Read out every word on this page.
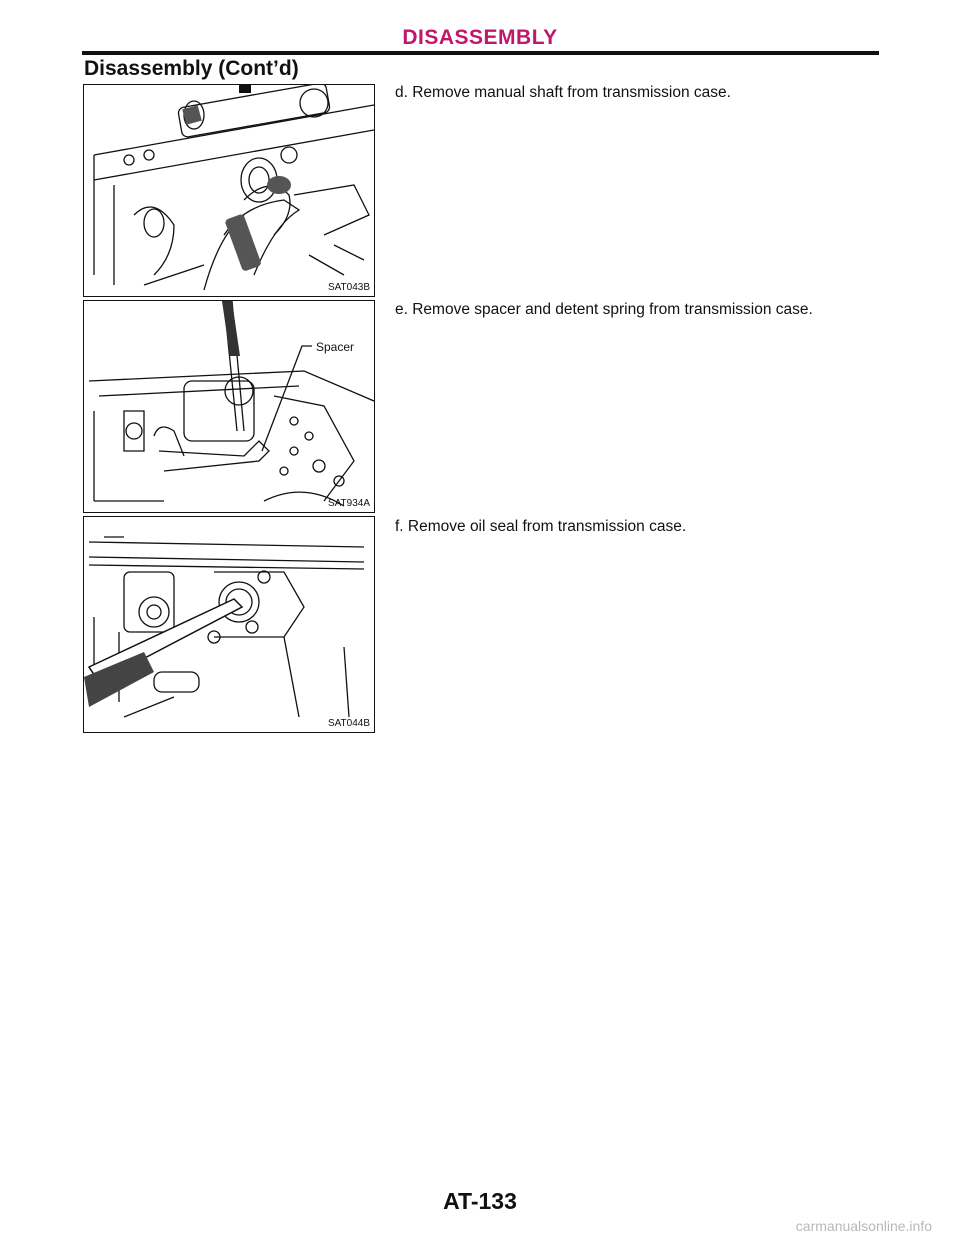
DISASSEMBLY
Disassembly (Cont’d)
SAT043B
Spacer
SAT934A
SAT044B
d. Remove manual shaft from transmission case.
e. Remove spacer and detent spring from transmission case.
f. Remove oil seal from transmission case.
AT-133
carmanualsonline.info
